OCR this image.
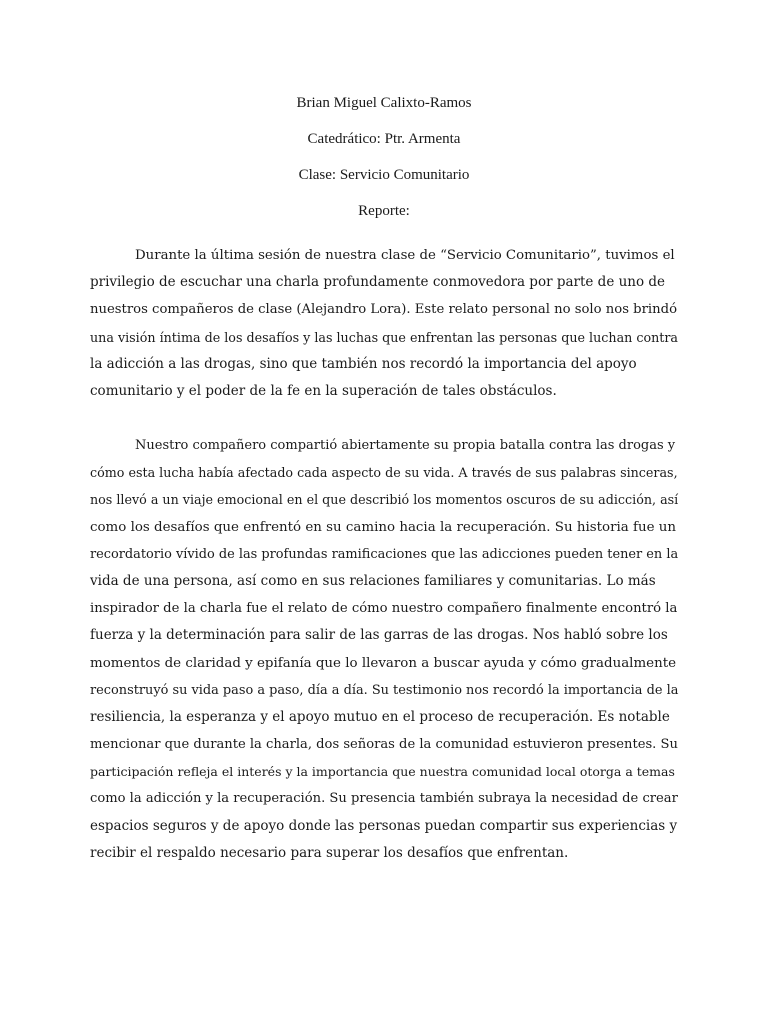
Brian Miguel Calixto-Ramos
Catedrático: Ptr. Armenta
Clase: Servicio Comunitario
Reporte:
Durante la última sesión de nuestra clase de “Servicio Comunitario”, tuvimos el
privilegio de escuchar una charla profundamente conmovedora por parte de uno de
nuestros compañeros de clase (Alejandro Lora). Este relato personal no solo nos brindó
una visión íntima de los desafíos y las luchas que enfrentan las personas que luchan contra
la adicción a las drogas, sino que también nos recordó la importancia del apoyo
comunitario y el poder de la fe en la superación de tales obstáculos.
Nuestro compañero compartió abiertamente su propia batalla contra las drogas y
cómo esta lucha había afectado cada aspecto de su vida. A través de sus palabras sinceras,
nos llevó a un viaje emocional en el que describió los momentos oscuros de su adicción, así
como los desafíos que enfrentó en su camino hacia la recuperación. Su historia fue un
recordatorio vívido de las profundas ramificaciones que las adicciones pueden tener en la
vida de una persona, así como en sus relaciones familiares y comunitarias. Lo más
inspirador de la charla fue el relato de cómo nuestro compañero finalmente encontró la
fuerza y la determinación para salir de las garras de las drogas. Nos habló sobre los
momentos de claridad y epifanía que lo llevaron a buscar ayuda y cómo gradualmente
reconstruyó su vida paso a paso, día a día. Su testimonio nos recordó la importancia de la
resiliencia, la esperanza y el apoyo mutuo en el proceso de recuperación. Es notable
mencionar que durante la charla, dos señoras de la comunidad estuvieron presentes. Su
participación refleja el interés y la importancia que nuestra comunidad local otorga a temas
como la adicción y la recuperación. Su presencia también subraya la necesidad de crear
espacios seguros y de apoyo donde las personas puedan compartir sus experiencias y
recibir el respaldo necesario para superar los desafíos que enfrentan.
